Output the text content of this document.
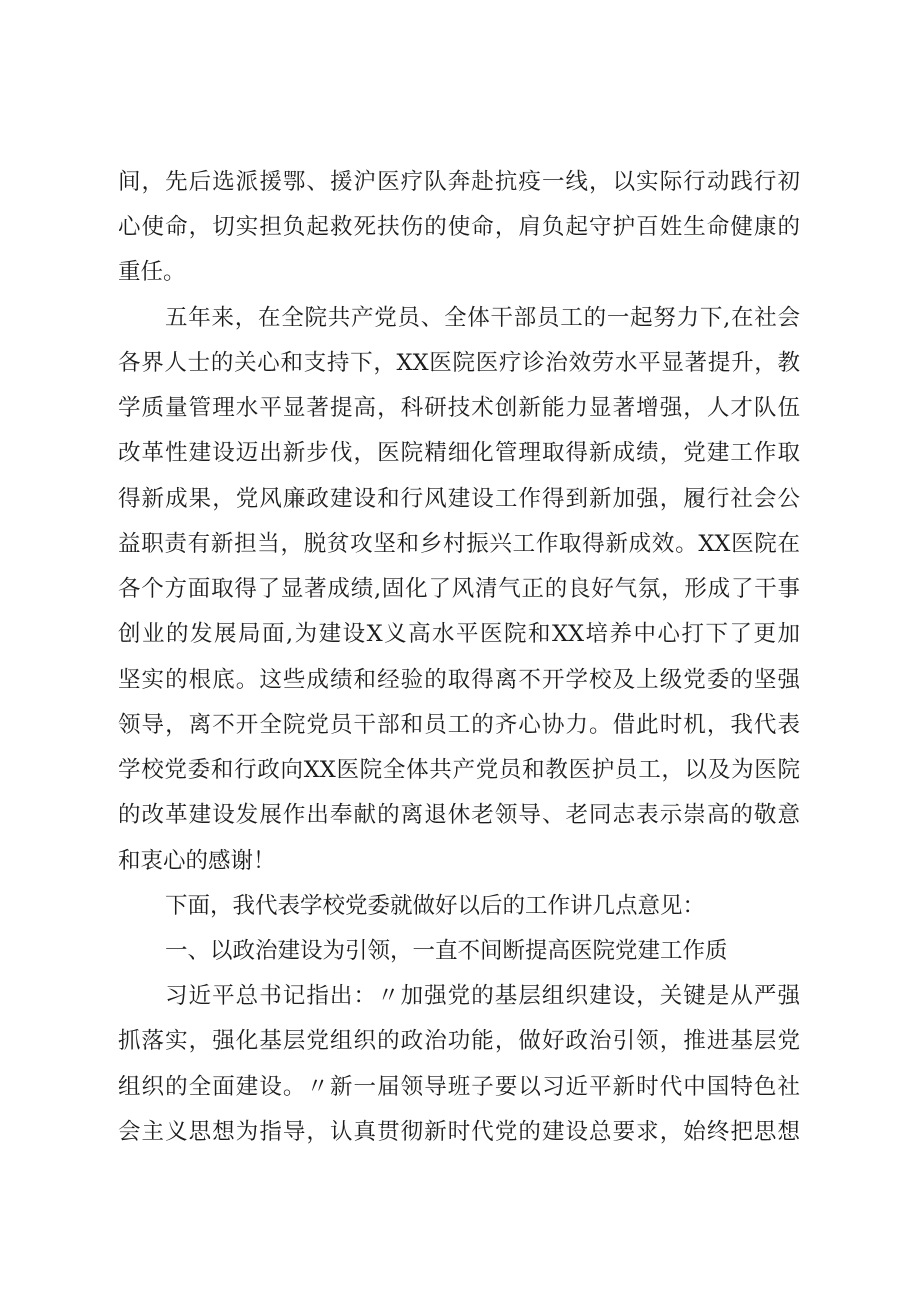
间，先后选派援鄂、援沪医疗队奔赴抗疫一线，以实际行动践行初
心使命，切实担负起救死扶伤的使命，肩负起守护百姓生命健康的
重任。
五年来，在全院共产党员、全体干部员工的一起努力下,在社会
各界人士的关心和支持下，XX医院医疗诊治效劳水平显著提升，教
学质量管理水平显著提高，科研技术创新能力显著增强，人才队伍
改革性建设迈出新步伐，医院精细化管理取得新成绩，党建工作取
得新成果，党风廉政建设和行风建设工作得到新加强，履行社会公
益职责有新担当，脱贫攻坚和乡村振兴工作取得新成效。XX医院在
各个方面取得了显著成绩,固化了风清气正的良好气氛，形成了干事
创业的发展局面,为建设X义高水平医院和XX培养中心打下了更加
坚实的根底。这些成绩和经验的取得离不开学校及上级党委的坚强
领导，离不开全院党员干部和员工的齐心协力。借此时机，我代表
学校党委和行政向XX医院全体共产党员和教医护员工，以及为医院
的改革建设发展作出奉献的离退休老领导、老同志表示崇高的敬意
和衷心的感谢！
下面，我代表学校党委就做好以后的工作讲几点意见：
一、以政治建设为引领，一直不间断提高医院党建工作质
习近平总书记指出：〃加强党的基层组织建设，关键是从严强
抓落实，强化基层党组织的政治功能，做好政治引领，推进基层党
组织的全面建设。〃新一届领导班子要以习近平新时代中国特色社
会主义思想为指导，认真贯彻新时代党的建设总要求，始终把思想
